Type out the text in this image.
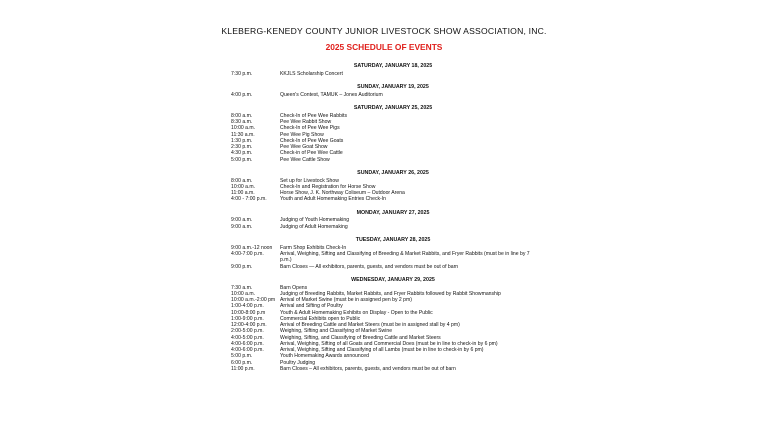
KLEBERG-KENEDY COUNTY JUNIOR LIVESTOCK SHOW ASSOCIATION, INC.
2025 SCHEDULE OF EVENTS
SATURDAY, JANUARY 18, 2025
7:30 p.m.	KKJLS Scholarship Concert
SUNDAY, JANUARY 19, 2025
4:00 p.m.	Queen's Contest, TAMUK – Jones Auditorium
SATURDAY, JANUARY 25, 2025
8:00 a.m.	Check-In of Pee Wee Rabbits
8:30 a.m.	Pee Wee Rabbit Show
10:00 a.m.	Check-In of Pee Wee Pigs
11:30 a.m.	Pee Wee Pig Show
1:30 p.m.	Check-In of Pee Wee Goats
2:30 p.m.	Pee Wee Goat Show
4:30 p.m.	Check-in of Pee Wee Cattle
5:00 p.m.	Pee Wee Cattle Show
SUNDAY, JANUARY 26, 2025
8:00 a.m.	Set up for Livestock Show
10:00 a.m.	Check-In and Registration for Horse Show
11:00 a.m.	Horse Show, J. K. Northway Coliseum – Outdoor Arena
4:00 - 7:00 p.m.	Youth and Adult Homemaking Entries Check-In
MONDAY, JANUARY 27, 2025
9:00 a.m.	Judging of Youth Homemaking
9:00 a.m.	Judging of Adult Homemaking
TUESDAY, JANUARY 28, 2025
9:00 a.m.-12 noon	Farm Shop Exhibits Check-In
4:00-7:00 p.m.	Arrival, Weighing, Sifting and Classifying of Breeding & Market Rabbits, and Fryer Rabbits (must be in line by 7 p.m.)
9:00 p.m.	Barn Closes — All exhibitors, parents, guests, and vendors must be out of barn
WEDNESDAY, JANUARY 29, 2025
7:30 a.m.	Barn Opens
10:00 a.m.	Judging of Breeding Rabbits, Market Rabbits, and Fryer Rabbits followed by Rabbit Showmanship
10:00 a.m.-2:00 pm Arrival of Market Swine (must be in assigned pen by 2 pm)
1:00-4:00 p.m.	Arrival and Sifting of Poultry
10:00-8:00 p.m	Youth & Adult Homemaking Exhibits on Display - Open to the Public
1:00-9:00 p.m.	Commercial Exhibits open to Public
12:00-4:00 p.m.	Arrival of Breeding Cattle and Market Steers (must be in assigned stall by 4 pm)
2:00-5:00 p.m.	Weighing, Sifting and Classifying of Market Swine
4:00-5:00 p.m.	Weighing, Sifting, and Classifying of Breeding Cattle and Market Steers
4:00-6:00 p.m.	Arrival, Weighing, Sifting of all Goats and Commercial Does (must be in line to check-in by 6 pm)
4:00-6:00 p.m.	Arrival, Weighing, Sifting and Classifying of all Lambs (must be in line to check-in by 6 pm)
5:00 p.m.	Youth Homemaking Awards announced
6:00 p.m.	Poultry Judging
11:00 p.m.	Barn Closes – All exhibitors, parents, guests, and vendors must be out of barn
